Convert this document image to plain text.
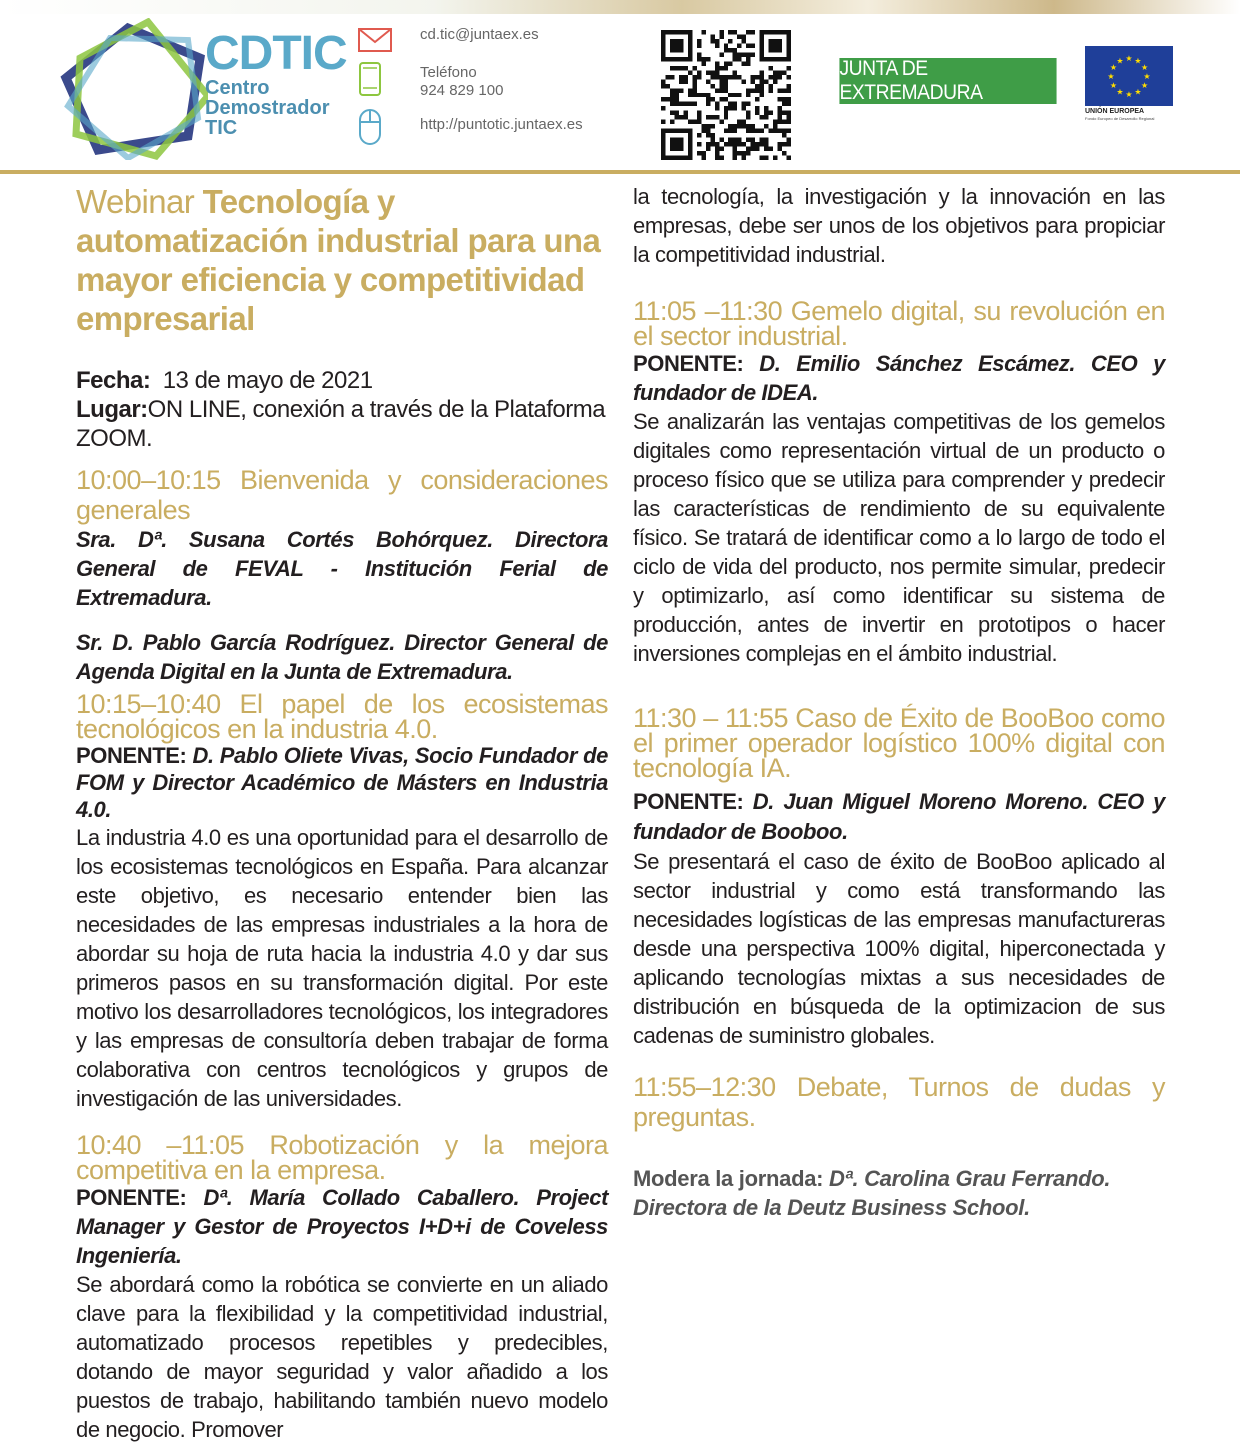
CDTIC
Centro
Demostrador
TIC
cd.tic@juntaex.es
Teléfono
924 829 100
http://puntotic.juntaex.es
JUNTA DE EXTREMADURA
★
★
★
★
★
★
★
★
★ ★ ★
★
UNIÓN EUROPEA
Fondo Europeo de Desarrollo Regional
Webinar Tecnología y automatización industrial para una mayor eficiencia y competitividad empresarial

Fecha: 13 de mayo de 2021

Lugar:ON LINE, conexión a través de la Plataforma ZOOM.

10:00–10:15 Bienvenida y consideraciones generales

Sra. Dª. Susana Cortés Bohórquez. Directora General de FEVAL - Institución Ferial de Extremadura.

Sr. D. Pablo García Rodríguez. Director General de Agenda Digital en la Junta de Extremadura.

10:15–10:40 El papel de los ecosistemas tecnológicos en la industria 4.0.

PONENTE: D. Pablo Oliete Vivas, Socio Fundador de FOM y Director Académico de Másters en Industria 4.0.

La industria 4.0 es una oportunidad para el desarrollo de los ecosistemas tecnológicos en España. Para alcanzar este objetivo, es necesario entender bien las necesidades de las empresas industriales a la hora de abordar su hoja de ruta hacia la industria 4.0 y dar sus primeros pasos en su transformación digital. Por este motivo los desarrolladores tecnológicos, los integradores y las empresas de consultoría deben trabajar de forma colaborativa con centros tecnológicos y grupos de investigación de las universidades.

10:40 –11:05 Robotización y la mejora competitiva en la empresa.

PONENTE: Dª. María Collado Caballero. Project Manager y Gestor de Proyectos I+D+i de Coveless Ingeniería.

Se abordará como la robótica se convierte en un aliado clave para la flexibilidad y la competitividad industrial, automatizado procesos repetibles y predecibles, dotando de mayor seguridad y valor añadido a los puestos de trabajo, habilitando también nuevo modelo de negocio. Promover

la tecnología, la investigación y la innovación en las empresas, debe ser unos de los objetivos para propiciar la competitividad industrial.

11:05 –11:30 Gemelo digital, su revolución en el sector industrial.

PONENTE: D. Emilio Sánchez Escámez. CEO y fundador de IDEA.

Se analizarán las ventajas competitivas de los gemelos digitales como representación virtual de un producto o proceso físico que se utiliza para comprender y predecir las características de rendimiento de su equivalente físico. Se tratará de identificar como a lo largo de todo el ciclo de vida del producto, nos permite simular, predecir y optimizarlo, así como identificar su sistema de producción, antes de invertir en prototipos o hacer inversiones complejas en el ámbito industrial.

11:30 – 11:55 Caso de Éxito de BooBoo como el primer operador logístico 100% digital con tecnología IA.

PONENTE: D. Juan Miguel Moreno Moreno. CEO y fundador de Booboo.

Se presentará el caso de éxito de BooBoo aplicado al sector industrial y como está transformando las necesidades logísticas de las empresas manufactureras desde una perspectiva 100% digital, hiperconectada y aplicando tecnologías mixtas a sus necesidades de distribución en búsqueda de la optimizacion de sus cadenas de suministro globales.

11:55–12:30 Debate, Turnos de dudas y preguntas.

Modera la jornada: Dª. Carolina Grau Ferrando. Directora de la Deutz Business School.
